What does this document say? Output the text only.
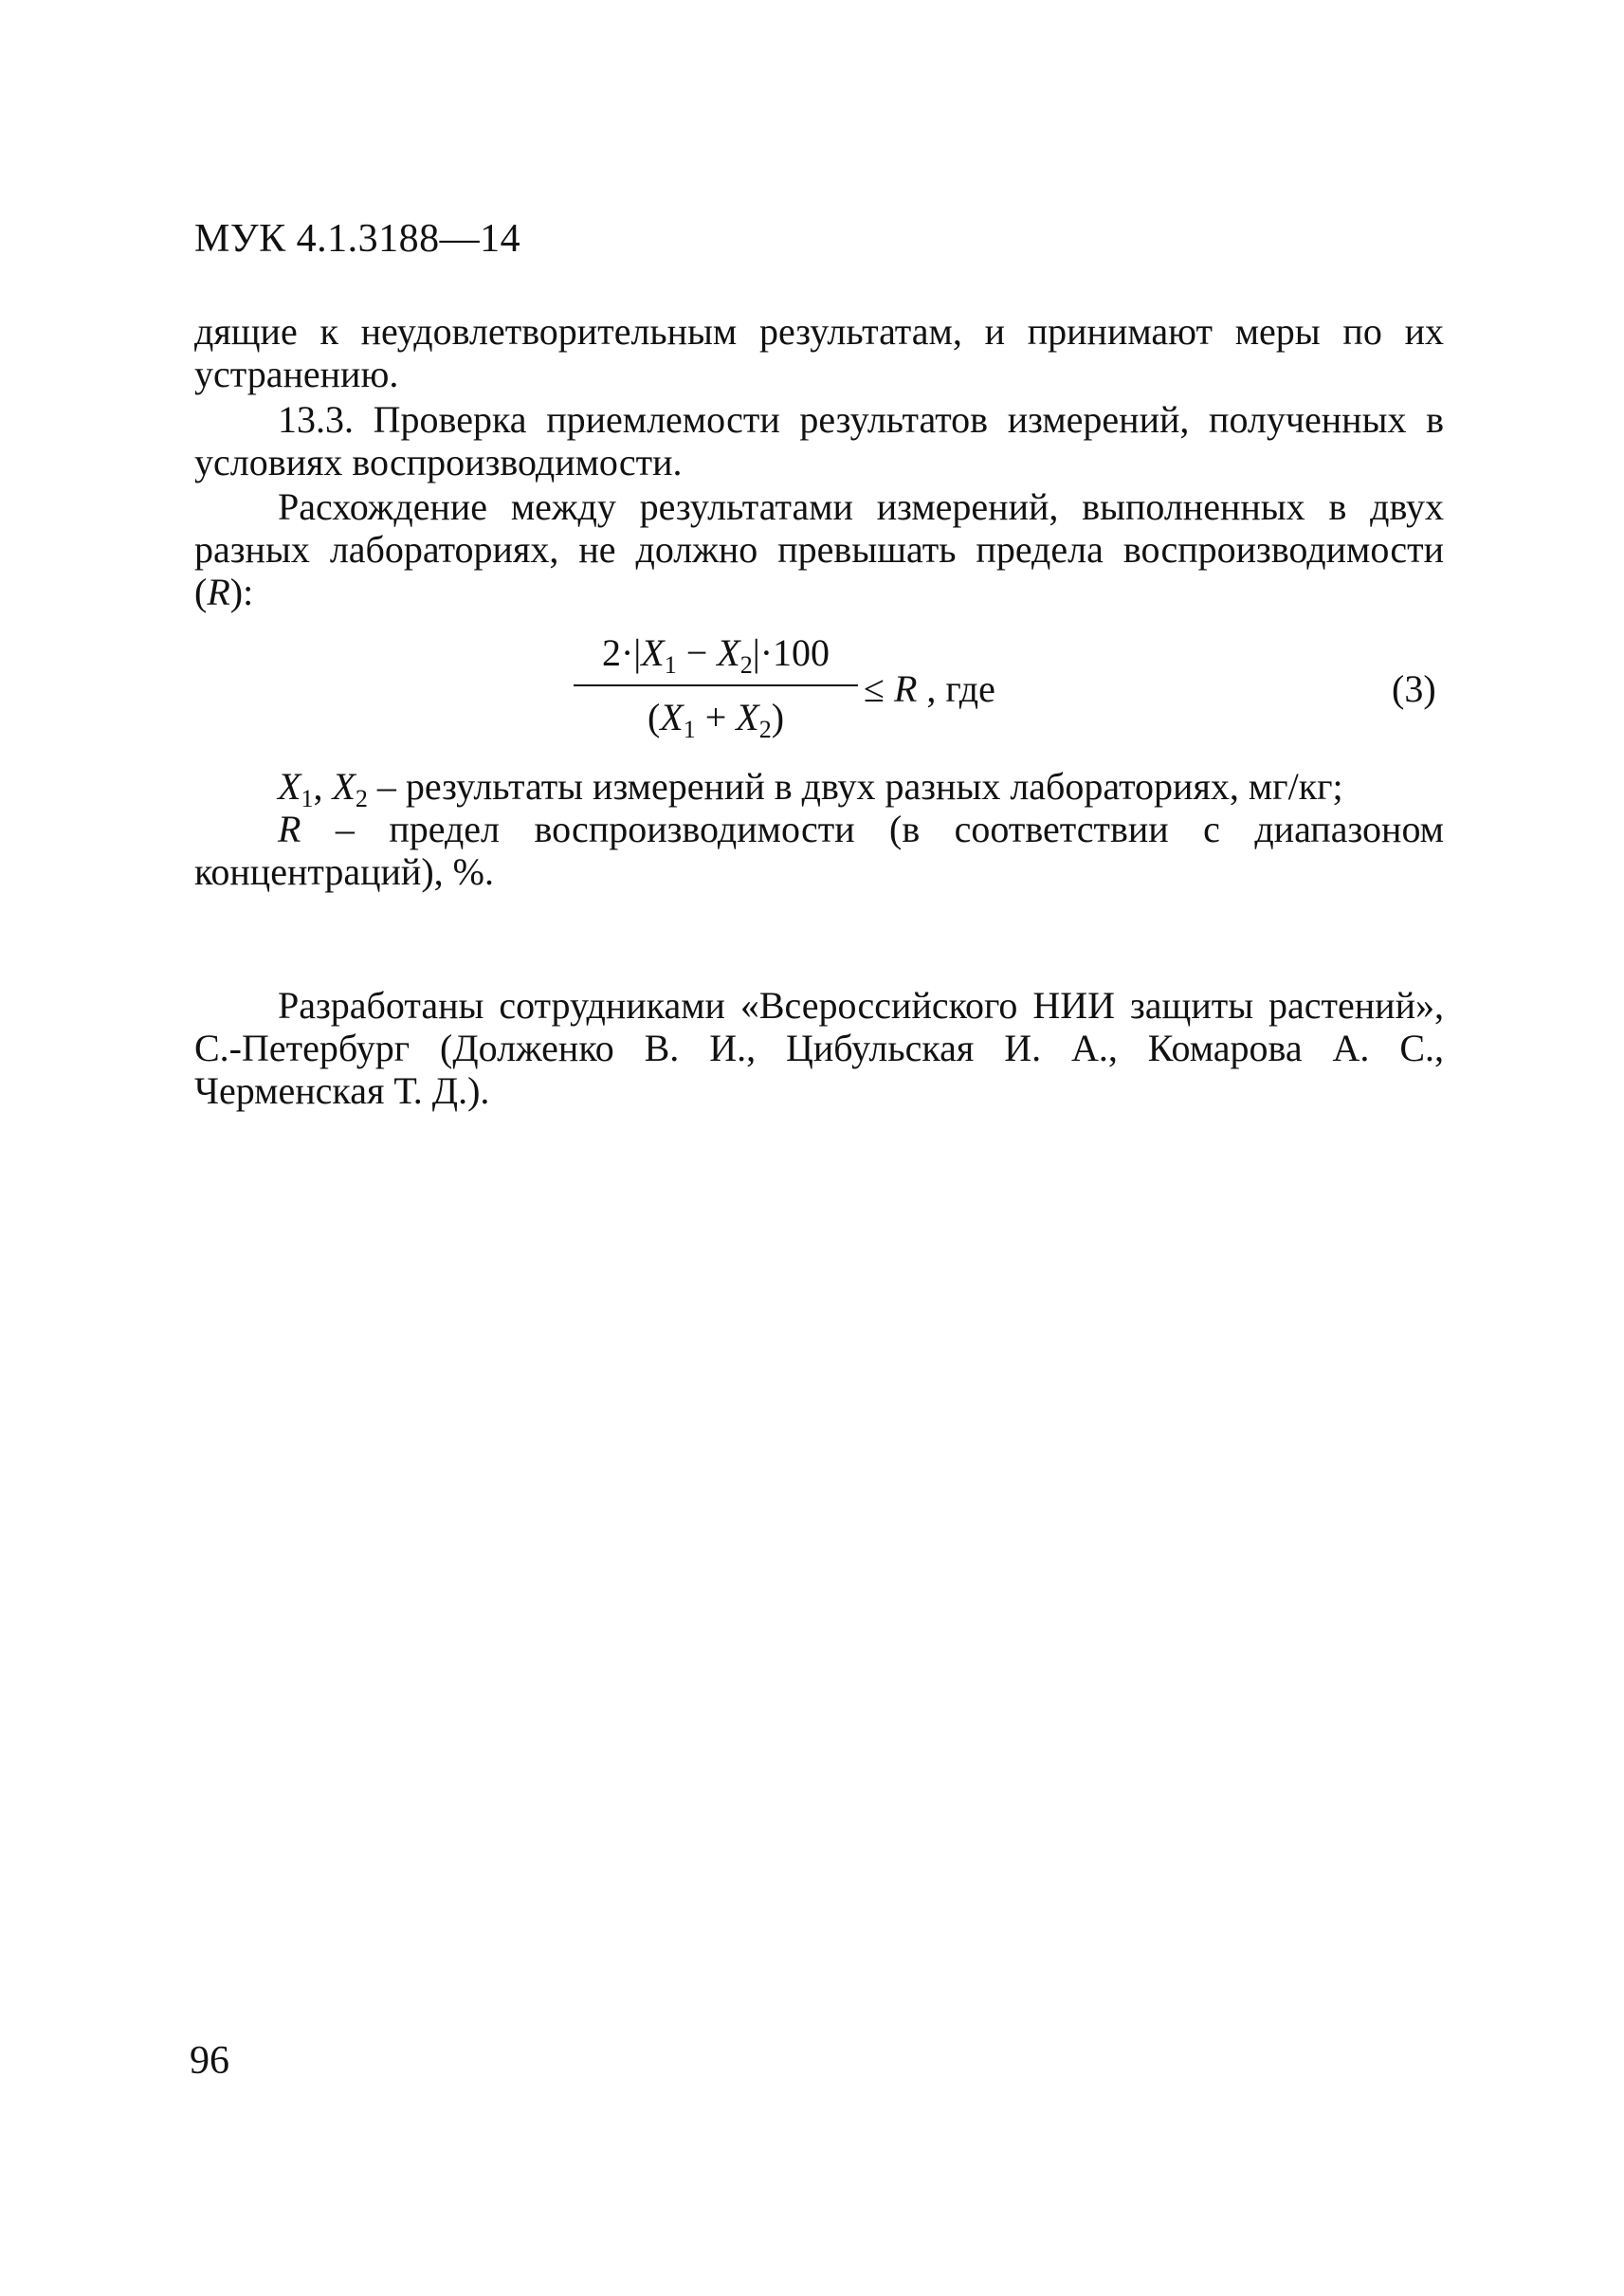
МУК 4.1.3188—14
дящие к неудовлетворительным результатам, и принимают меры по их устранению.
13.3. Проверка приемлемости результатов измерений, полученных в условиях воспроизводимости.
Расхождение между результатами измерений, выполненных в двух разных лабораториях, не должно превышать предела воспроизводимости (R):
$2\cdot|X_1 - X_2|\cdot 100$
$(X_1 + X_2)$
≤ R , где	(3)
$X_1$, $X_2$ – результаты измерений в двух разных лабораториях, мг/кг;
R – предел воспроизводимости (в соответствии с диапазоном концентраций), %.
Разработаны сотрудниками «Всероссийского НИИ защиты растений», С.-Петербург (Долженко В. И., Цибульская И. А., Комарова А. С., Черменская Т. Д.).
96
